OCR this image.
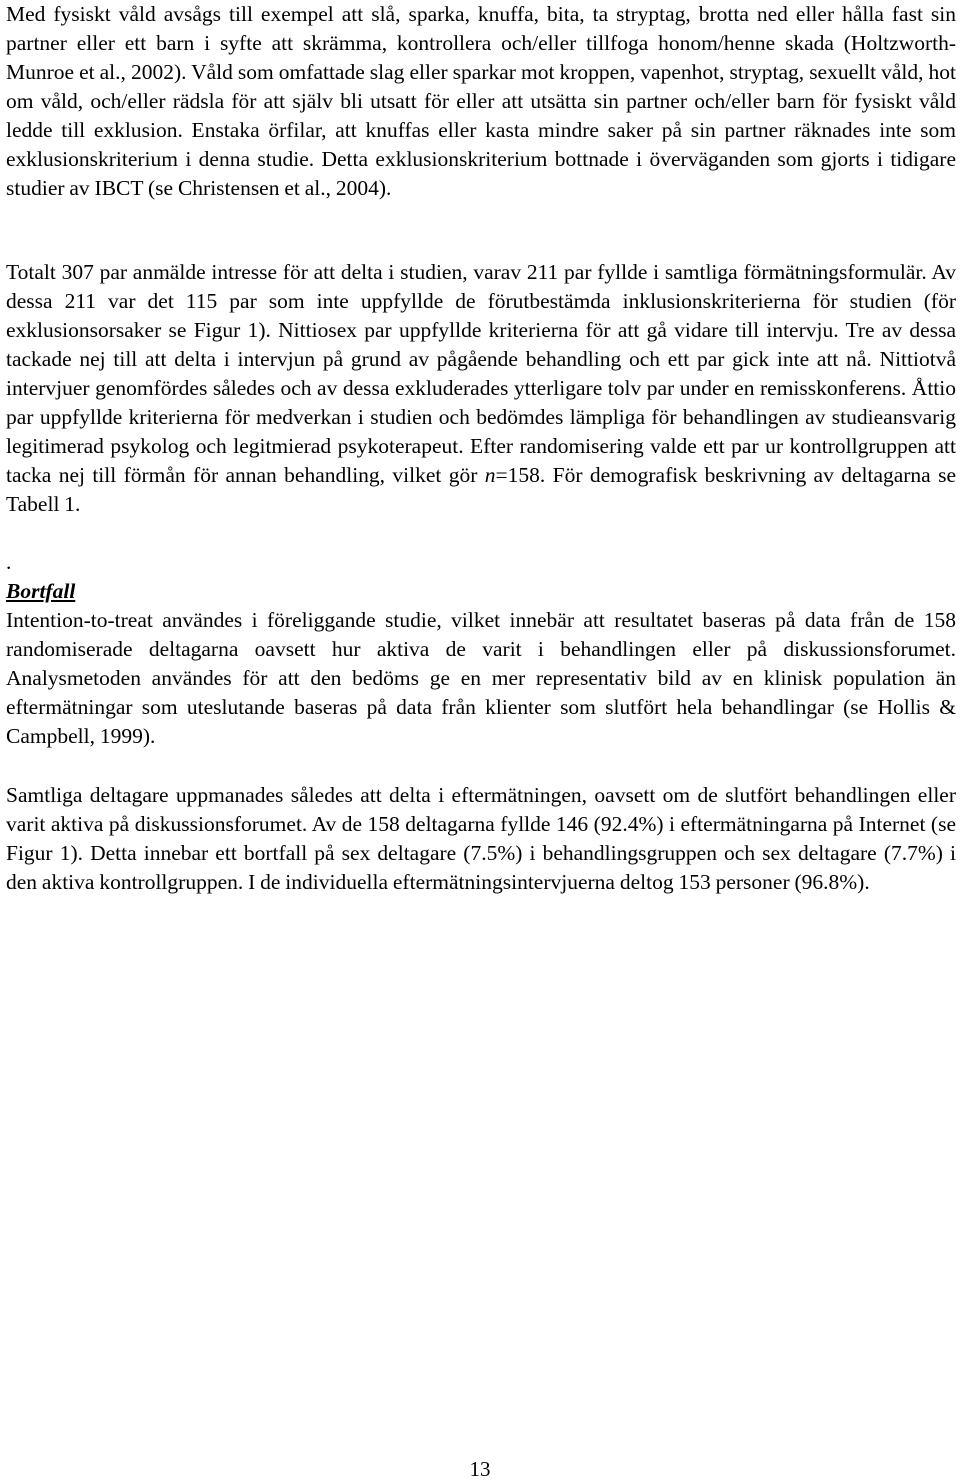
Med fysiskt våld avsågs till exempel att slå, sparka, knuffa, bita, ta stryptag, brotta ned eller hålla fast sin partner eller ett barn i syfte att skrämma, kontrollera och/eller tillfoga honom/henne skada (Holtzworth-Munroe et al., 2002). Våld som omfattade slag eller sparkar mot kroppen, vapenhot, stryptag, sexuellt våld, hot om våld, och/eller rädsla för att själv bli utsatt för eller att utsätta sin partner och/eller barn för fysiskt våld ledde till exklusion. Enstaka örfilar, att knuffas eller kasta mindre saker på sin partner räknades inte som exklusionskriterium i denna studie. Detta exklusionskriterium bottnade i överväganden som gjorts i tidigare studier av IBCT (se Christensen et al., 2004).

Totalt 307 par anmälde intresse för att delta i studien, varav 211 par fyllde i samtliga förmätningsformulär. Av dessa 211 var det 115 par som inte uppfyllde de förutbestämda inklusionskriterierna för studien (för exklusionsorsaker se Figur 1). Nittiosex par uppfyllde kriterierna för att gå vidare till intervju. Tre av dessa tackade nej till att delta i intervjun på grund av pågående behandling och ett par gick inte att nå. Nittiotvå intervjuer genomfördes således och av dessa exkluderades ytterligare tolv par under en remisskonferens. Åttio par uppfyllde kriterierna för medverkan i studien och bedömdes lämpliga för behandlingen av studieansvarig legitimerad psykolog och legitmierad psykoterapeut. Efter randomisering valde ett par ur kontrollgruppen att tacka nej till förmån för annan behandling, vilket gör n=158. För demografisk beskrivning av deltagarna se Tabell 1.

.
Bortfall

Intention-to-treat användes i föreliggande studie, vilket innebär att resultatet baseras på data från de 158 randomiserade deltagarna oavsett hur aktiva de varit i behandlingen eller på diskussionsforumet. Analysmetoden användes för att den bedöms ge en mer representativ bild av en klinisk population än eftermätningar som uteslutande baseras på data från klienter som slutfört hela behandlingar (se Hollis & Campbell, 1999).

Samtliga deltagare uppmanades således att delta i eftermätningen, oavsett om de slutfört behandlingen eller varit aktiva på diskussionsforumet. Av de 158 deltagarna fyllde 146 (92.4%) i eftermätningarna på Internet (se Figur 1). Detta innebar ett bortfall på sex deltagare (7.5%) i behandlingsgruppen och sex deltagare (7.7%) i den aktiva kontrollgruppen. I de individuella eftermätningsintervjuerna deltog 153 personer (96.8%).

13
